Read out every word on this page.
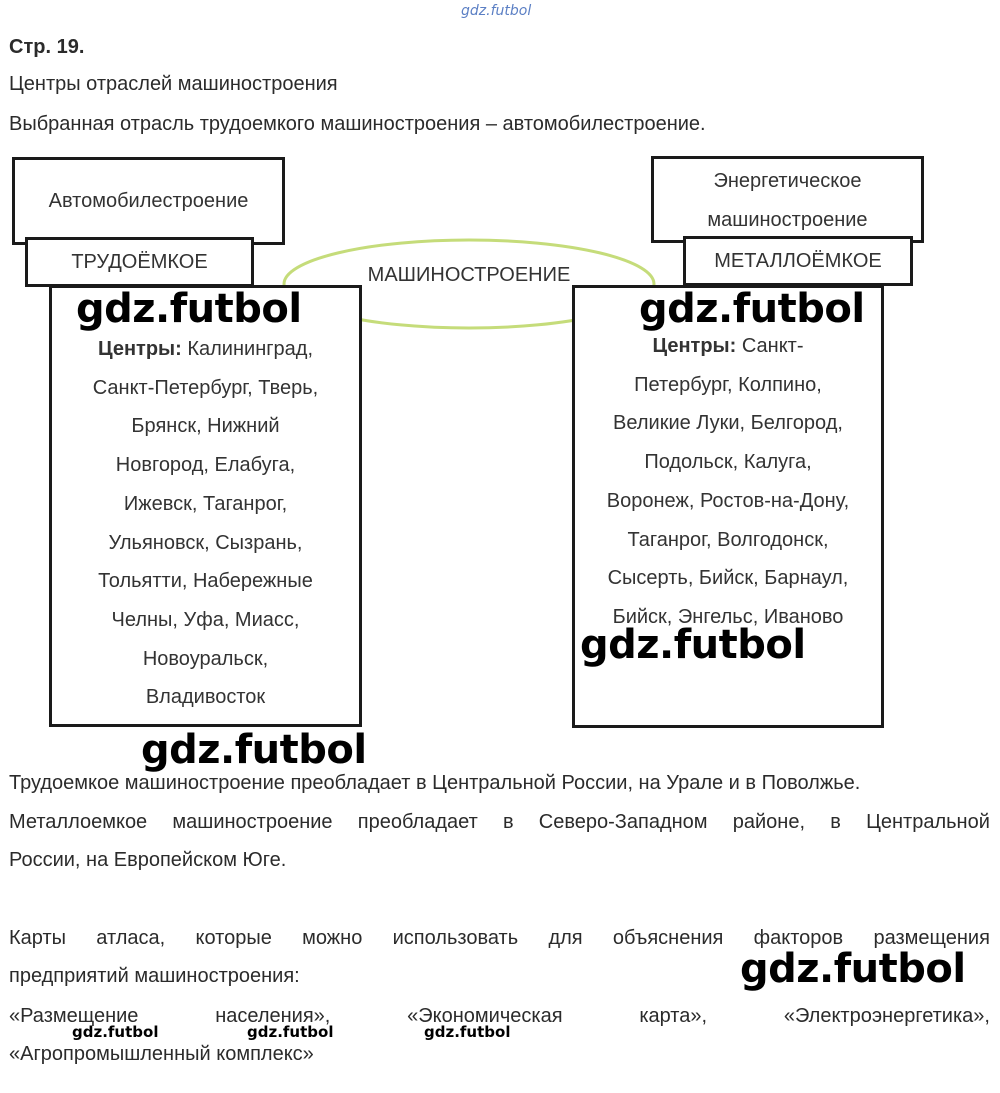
gdz.futbol
Стр. 19.
Центры отраслей машиностроения
Выбранная отрасль трудоемкого машиностроения – автомобилестроение.
МАШИНОСТРОЕНИЕ
Автомобилестроение
ТРУДОЁМКОЕ
Центры: Калининград,
Санкт-Петербург, Тверь,
Брянск, Нижний
Новгород, Елабуга,
Ижевск, Таганрог,
Ульяновск, Сызрань,
Тольятти, Набережные
Челны, Уфа, Миасс,
Новоуральск,
Владивосток
Энергетическое
машиностроение
МЕТАЛЛОЁМКОЕ
Центры: Санкт-
Петербург, Колпино,
Великие Луки, Белгород,
Подольск, Калуга,
Воронеж, Ростов-на-Дону,
Таганрог, Волгодонск,
Сысерть, Бийск, Барнаул,
Бийск, Энгельс, Иваново
gdz.futbol	gdz.futbol
gdz.futbol
gdz.futbol
Трудоемкое машиностроение преобладает в Центральной России, на Урале и в Поволжье.
Металлоемкое машиностроение преобладает в Северо-Западном районе, в Центральной
России, на Европейском Юге.
Карты атласа, которые можно использовать для объяснения факторов размещения
предприятий машиностроения:	gdz.futbol
«Размещение	населения»,	«Экономическая	карта»,	«Электроэнергетика»,
«Агропромышленный комплекс»
gdz.futbol	gdz.futbol	gdz.futbol
